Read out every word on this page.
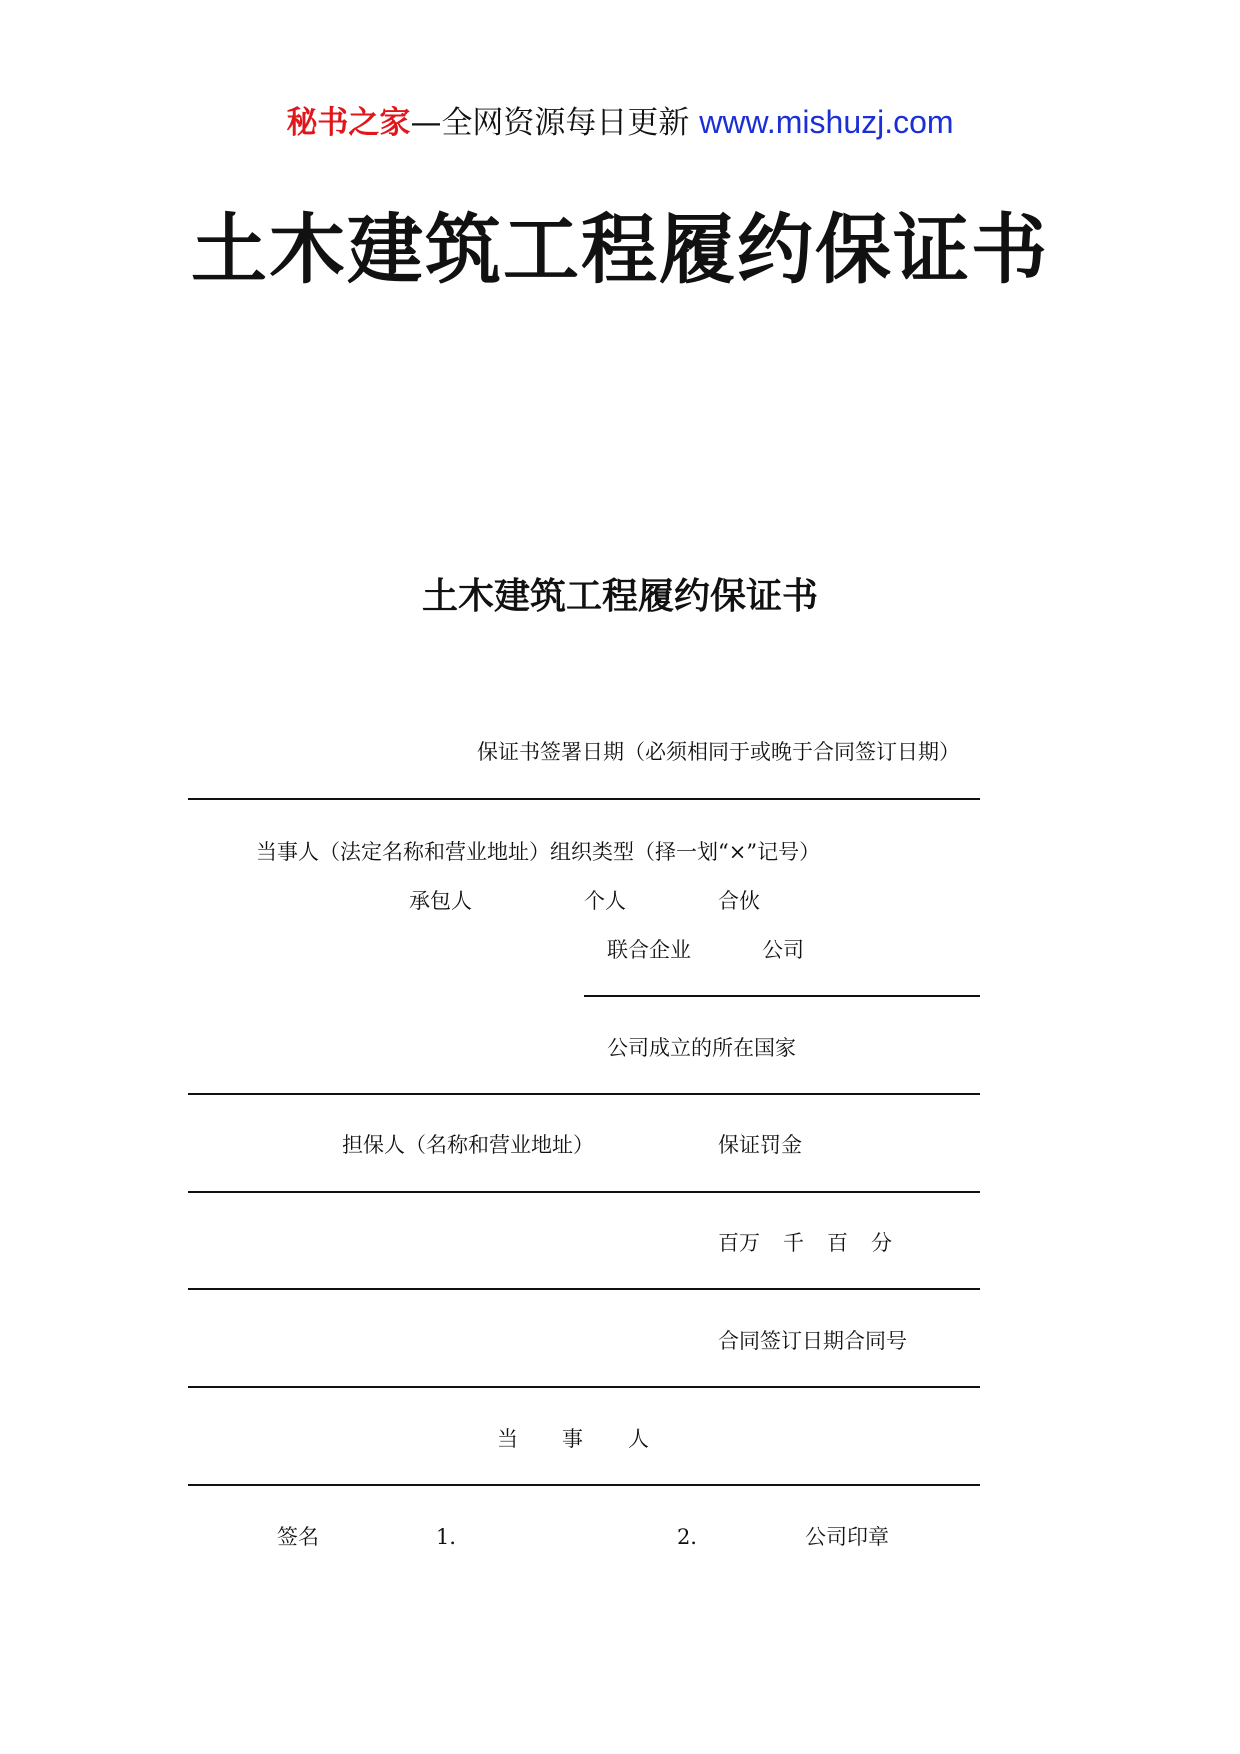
秘书之家—全网资源每日更新 www.mishuzj.com
土木建筑工程履约保证书
土木建筑工程履约保证书
保证书签署日期（必须相同于或晚于合同签订日期）
当事人（法定名称和营业地址）组织类型（择一划“×”记号）
承包人	个人	合伙
联合企业	公司
公司成立的所在国家
担保人（名称和营业地址）	保证罚金
百万 千 百 分
合同签订日期合同号
当 事 人
签名	1．	2．	公司印章
